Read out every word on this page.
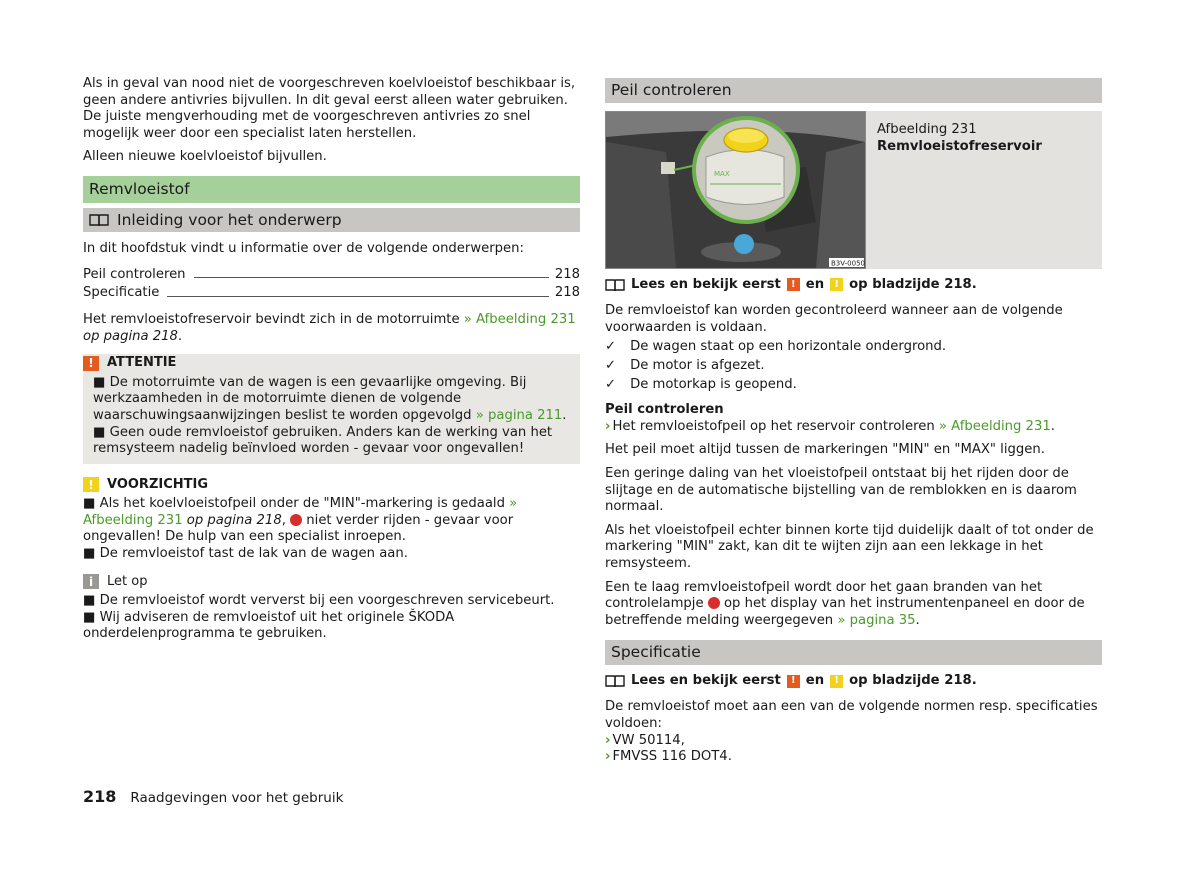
Als in geval van nood niet de voorgeschreven koelvloeistof beschikbaar is, geen andere antivries bijvullen. In dit geval eerst alleen water gebruiken. De juiste mengverhouding met de voorgeschreven antivries zo snel mogelijk weer door een specialist laten herstellen.

Alleen nieuwe koelvloeistof bijvullen.

Remvloeistof
Inleiding voor het onderwerp

In dit hoofdstuk vindt u informatie over de volgende onderwerpen:

Peil controleren	218
Specificatie	218

Het remvloeistofreservoir bevindt zich in de motorruimte » Afbeelding 231 op pagina 218.

!	ATTENTIE
■ De motorruimte van de wagen is een gevaarlijke omgeving. Bij werkzaamheden in de motorruimte dienen de volgende waarschuwingsaanwijzingen beslist te worden opgevolgd » pagina 211.
■ Geen oude remvloeistof gebruiken. Anders kan de werking van het remsysteem nadelig beïnvloed worden - gevaar voor ongevallen!
!	VOORZICHTIG
■ Als het koelvloeistofpeil onder de "MIN"-markering is gedaald » Afbeelding 231 op pagina 218,  niet verder rijden - gevaar voor ongevallen! De hulp van een specialist inroepen.
■ De remvloeistof tast de lak van de wagen aan.
i	Let op
■ De remvloeistof wordt ververst bij een voorgeschreven servicebeurt.
■ Wij adviseren de remvloeistof uit het originele ŠKODA onderdelenprogramma te gebruiken.
Peil controleren
MAX
B3V-0050
Afbeelding 231
Remvloeistofreservoir
Lees en bekijk eerst	! en	! op bladzijde 218.

De remvloeistof kan worden gecontroleerd wanneer aan de volgende voorwaarden is voldaan.

✓ De wagen staat op een horizontale ondergrond.
✓ De motor is afgezet.
✓ De motorkap is geopend.
Peil controleren

› Het remvloeistofpeil op het reservoir controleren » Afbeelding 231.

Het peil moet altijd tussen de markeringen "MIN" en "MAX" liggen.

Een geringe daling van het vloeistofpeil ontstaat bij het rijden door de slijtage en de automatische bijstelling van de remblokken en is daarom normaal.

Als het vloeistofpeil echter binnen korte tijd duidelijk daalt of tot onder de markering "MIN" zakt, kan dit te wijten zijn aan een lekkage in het remsysteem.

Een te laag remvloeistofpeil wordt door het gaan branden van het controlelampje  op het display van het instrumentenpaneel en door de betreffende melding weergegeven » pagina 35.

Specificatie
Lees en bekijk eerst	! en	! op bladzijde 218.

De remvloeistof moet aan een van de volgende normen resp. specificaties voldoen:

› VW 50114,
› FMVSS 116 DOT4.
218 Raadgevingen voor het gebruik
